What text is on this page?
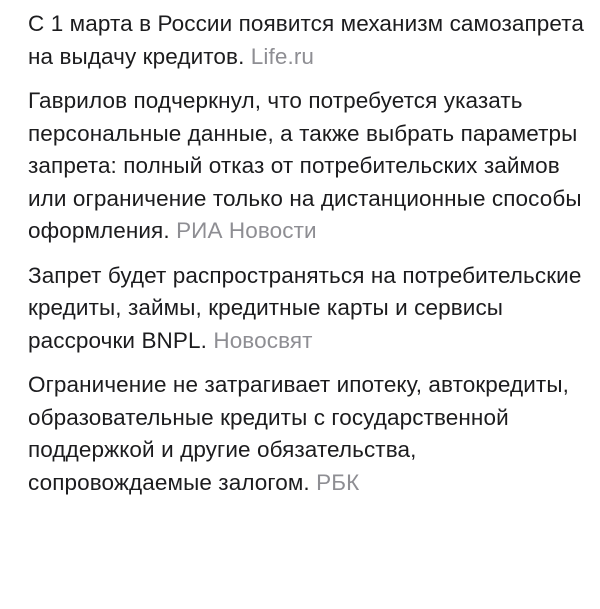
С 1 марта в России появится механизм самозапрета на выдачу кредитов. Life.ru

Гаврилов подчеркнул, что потребуется указать персональные данные, а также выбрать параметры запрета: полный отказ от потребительских займов или ограничение только на дистанционные способы оформления. РИА Новости

Запрет будет распространяться на потребительские кредиты, займы, кредитные карты и сервисы рассрочки BNPL. Новосвят

Ограничение не затрагивает ипотеку, автокредиты, образовательные кредиты с государственной поддержкой и другие обязательства, сопровождаемые залогом. РБК
